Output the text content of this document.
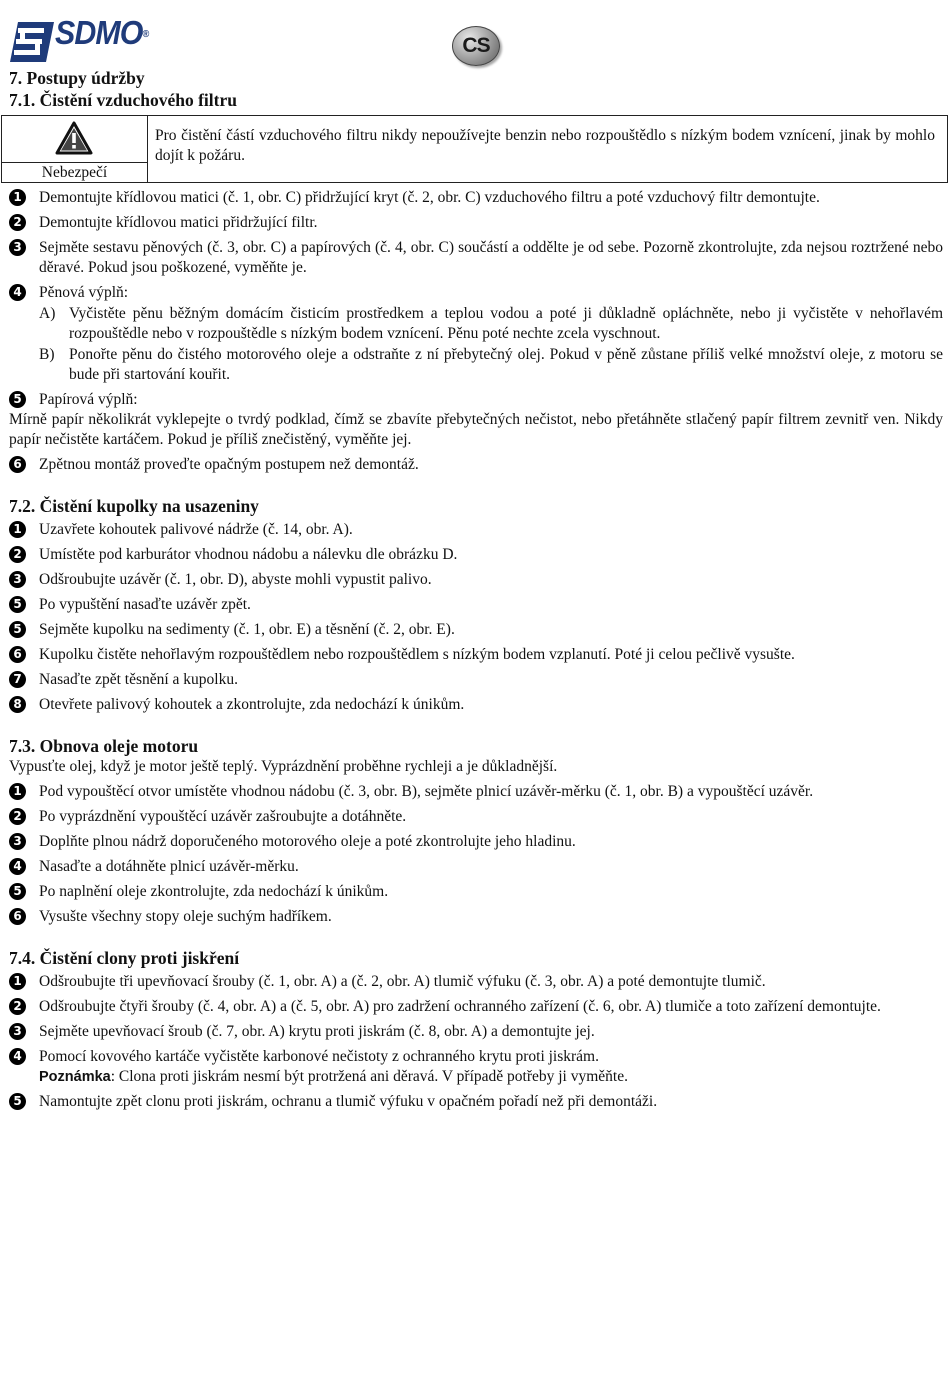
SDMO®	CS
7. Postupy údržby
7.1. Čistění vzduchového filtru
Nebezpečí
Pro čistění částí vzduchového filtru nikdy nepoužívejte benzin nebo rozpouštědlo s nízkým bodem vznícení, jinak by mohlo dojít k požáru.
1 Demontujte křídlovou matici (č. 1, obr. C) přidržující kryt (č. 2, obr. C) vzduchového filtru a poté vzduchový filtr demontujte.
2 Demontujte křídlovou matici přidržující filtr.
3 Sejměte sestavu pěnových (č. 3, obr. C) a papírových (č. 4, obr. C) součástí a oddělte je od sebe. Pozorně zkontrolujte, zda nejsou roztržené nebo děravé. Pokud jsou poškozené, vyměňte je.
4 Pěnová výplň:
A) Vyčistěte pěnu běžným domácím čisticím prostředkem a teplou vodou a poté ji důkladně opláchněte, nebo ji vyčistěte v nehořlavém rozpouštědle nebo v rozpouštědle s nízkým bodem vznícení. Pěnu poté nechte zcela vyschnout.
B) Ponořte pěnu do čistého motorového oleje a odstraňte z ní přebytečný olej. Pokud v pěně zůstane příliš velké množství oleje, z motoru se bude při startování kouřit.
5 Papírová výplň:

Mírně papír několikrát vyklepejte o tvrdý podklad, čímž se zbavíte přebytečných nečistot, nebo přetáhněte stlačený papír filtrem zevnitř ven. Nikdy papír nečistěte kartáčem. Pokud je příliš znečistěný, vyměňte jej.

6 Zpětnou montáž proveďte opačným postupem než demontáž.
7.2. Čistění kupolky na usazeniny
1 Uzavřete kohoutek palivové nádrže (č. 14, obr. A).
2 Umístěte pod karburátor vhodnou nádobu a nálevku dle obrázku D.
3 Odšroubujte uzávěr (č. 1, obr. D), abyste mohli vypustit palivo.
5 Po vypuštění nasaďte uzávěr zpět.
5 Sejměte kupolku na sedimenty (č. 1, obr. E) a těsnění (č. 2, obr. E).
6 Kupolku čistěte nehořlavým rozpouštědlem nebo rozpouštědlem s nízkým bodem vzplanutí. Poté ji celou pečlivě vysušte.
7 Nasaďte zpět těsnění a kupolku.
8 Otevřete palivový kohoutek a zkontrolujte, zda nedochází k únikům.
7.3. Obnova oleje motoru

Vypusťte olej, když je motor ještě teplý. Vyprázdnění proběhne rychleji a je důkladnější.

1 Pod vypouštěcí otvor umístěte vhodnou nádobu (č. 3, obr. B), sejměte plnicí uzávěr-měrku (č. 1, obr. B) a vypouštěcí uzávěr.
2 Po vyprázdnění vypouštěcí uzávěr zašroubujte a dotáhněte.
3 Doplňte plnou nádrž doporučeného motorového oleje a poté zkontrolujte jeho hladinu.
4 Nasaďte a dotáhněte plnicí uzávěr-měrku.
5 Po naplnění oleje zkontrolujte, zda nedochází k únikům.
6 Vysušte všechny stopy oleje suchým hadříkem.
7.4. Čistění clony proti jiskření
1 Odšroubujte tři upevňovací šrouby (č. 1, obr. A) a (č. 2, obr. A) tlumič výfuku (č. 3, obr. A) a poté demontujte tlumič.
2 Odšroubujte čtyři šrouby (č. 4, obr. A) a (č. 5, obr. A) pro zadržení ochranného zařízení (č. 6, obr. A) tlumiče a toto zařízení demontujte.
3 Sejměte upevňovací šroub (č. 7, obr. A) krytu proti jiskrám (č. 8, obr. A) a demontujte jej.
4 Pomocí kovového kartáče vyčistěte karbonové nečistoty z ochranného krytu proti jiskrám.
Poznámka: Clona proti jiskrám nesmí být protržená ani děravá. V případě potřeby ji vyměňte.
5 Namontujte zpět clonu proti jiskrám, ochranu a tlumič výfuku v opačném pořadí než při demontáži.
